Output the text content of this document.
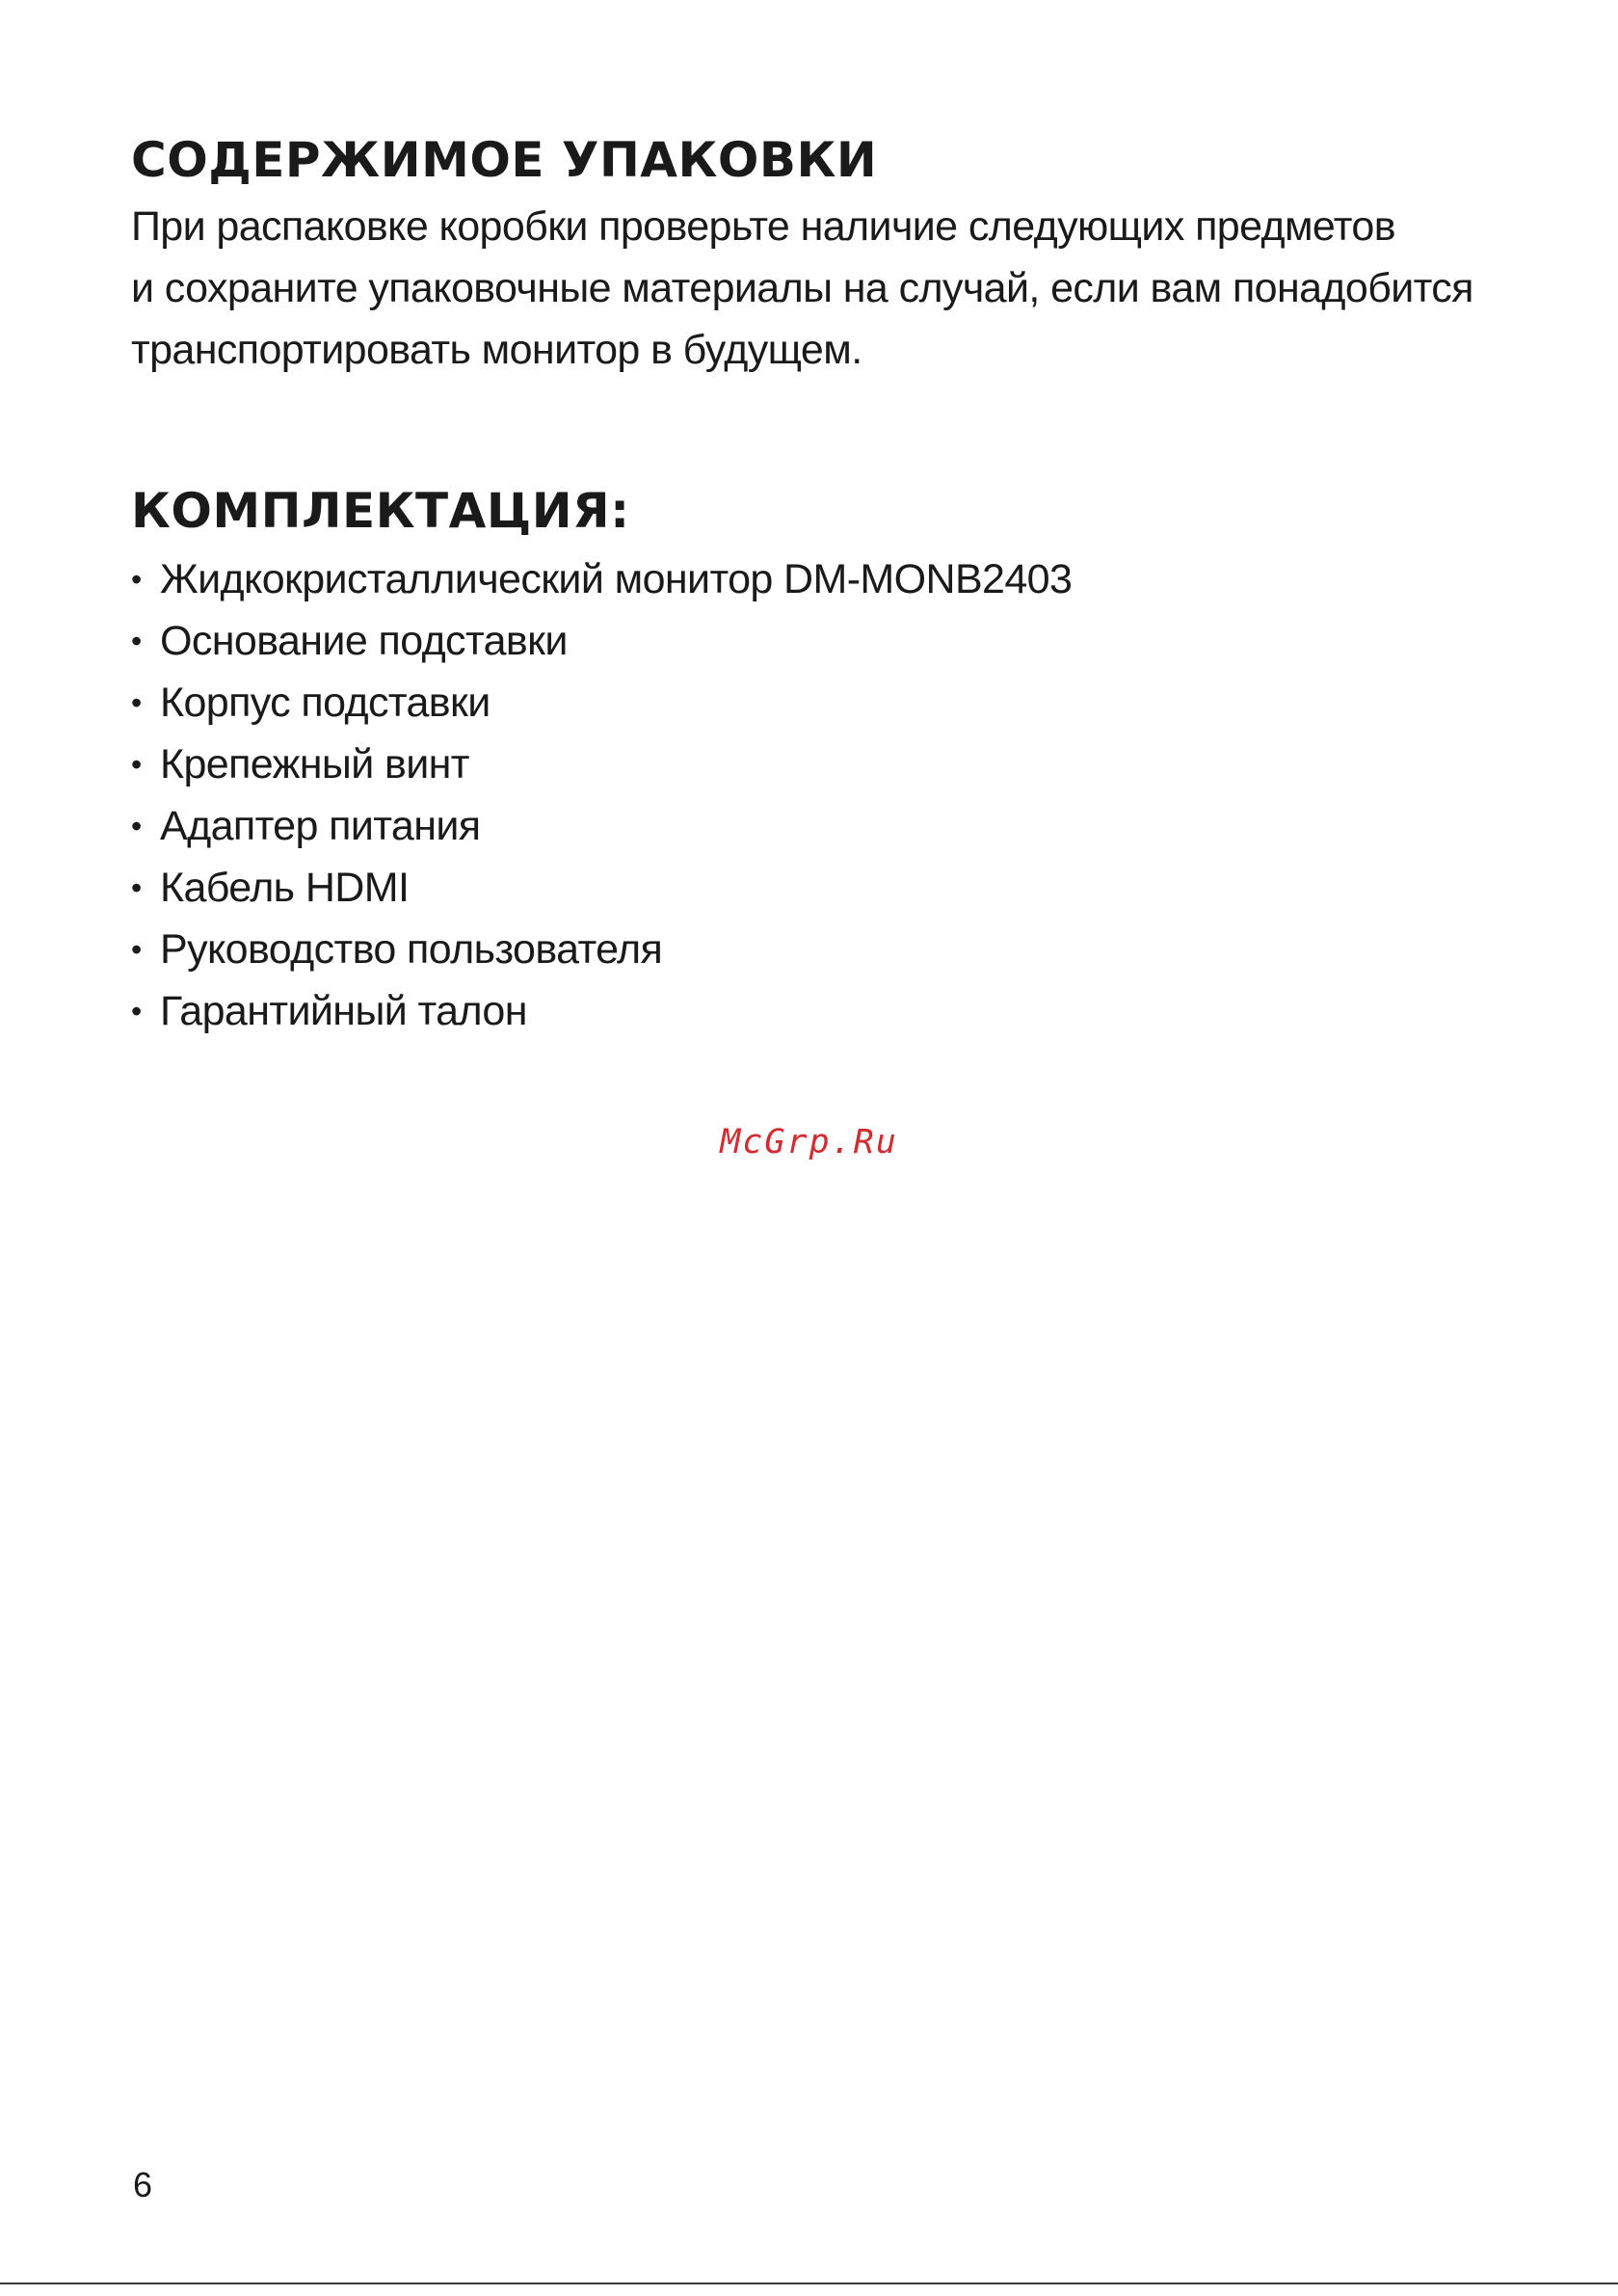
СОДЕРЖИМОЕ УПАКОВКИ

При распаковке коробки проверьте наличие следующих предметов
и сохраните упаковочные материалы на случай, если вам понадобится
транспортировать монитор в будущем.

КОМПЛЕКТАЦИЯ:
• Жидкокристаллический монитор DM-MONB2403
• Основание подставки
• Корпус подставки
• Крепежный винт
• Адаптер питания
• Кабель HDMI
• Руководство пользователя
• Гарантийный талон
McGrp.Ru
6
